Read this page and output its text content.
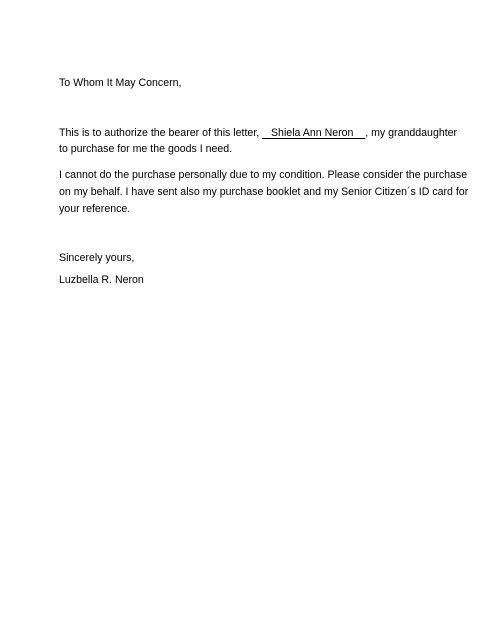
To Whom It May Concern,
This is to authorize the bearer of this letter,    Shiela Ann Neron    , my granddaughter
to purchase for me the goods I need.
I cannot do the purchase personally due to my condition. Please consider the purchase
on my behalf. I have sent also my purchase booklet and my Senior Citizen´s ID card for
your reference.
Sincerely yours,
Luzbella R. Neron
